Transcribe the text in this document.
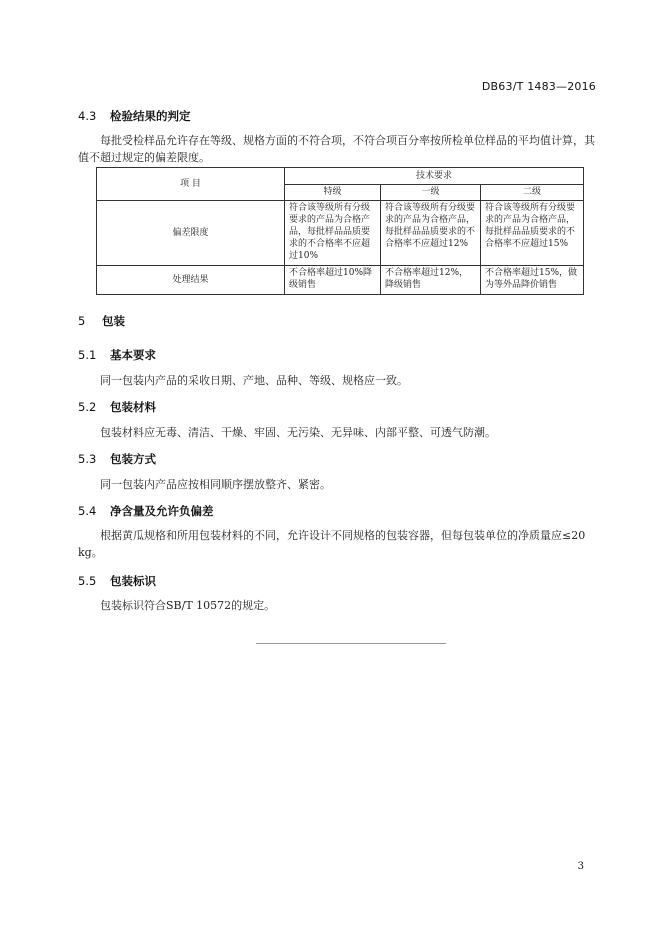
DB63/T 1483—2016
4.3 检验结果的判定
每批受检样品允许存在等级、规格方面的不符合项，不符合项百分率按所检单位样品的平均值计算，其值不超过规定的偏差限度。
项 目	技术要求		
	特级	一级	二级
偏差限度	符合该等级所有分级要求的产品为合格产品，每批样品品质要求的不合格率不应超过10%	符合该等级所有分级要求的产品为合格产品，每批样品品质要求的不合格率不应超过12%	符合该等级所有分级要求的产品为合格产品，每批样品品质要求的不合格率不应超过15%
处理结果	不合格率超过10%降级销售	不合格率超过12%，降级销售	不合格率超过15%，做为等外品降价销售
5 包装
5.1 基本要求
同一包装内产品的采收日期、产地、品种、等级、规格应一致。
5.2 包装材料
包装材料应无毒、清洁、干燥、牢固、无污染、无异味、内部平整、可透气防潮。
5.3 包装方式
同一包装内产品应按相同顺序摆放整齐、紧密。
5.4 净含量及允许负偏差
根据黄瓜规格和所用包装材料的不同，允许设计不同规格的包装容器，但每包装单位的净质量应≤20 kg。
5.5 包装标识
包装标识符合SB/T 10572的规定。
3
